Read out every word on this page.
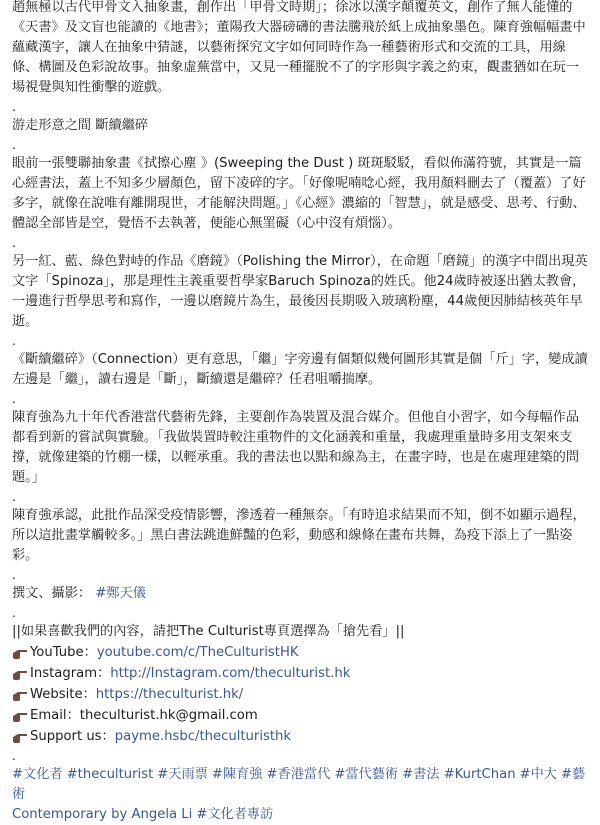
趙無極以古代甲骨文入抽象畫，創作出「甲骨文時期」；徐冰以漢字顛覆英文，創作了無人能懂的《天書》及文盲也能讀的《地書》；董陽孜大器磅礴的書法騰飛於紙上成抽象墨色。陳育強幅幅畫中蘊藏漢字，讓人在抽象中猜謎，以藝術探究文字如何同時作為一種藝術形式和交流的工具，用線條、構圖及色彩說故事。抽象虛蕪當中，又見一種擺脫不了的字形與字義之約束，觀畫猶如在玩一場視覺與知性衝擊的遊戲。

.

游走形意之間 斷續繼碎

.

眼前一張雙聯抽象畫《拭擦心塵 》(Sweeping the Dust ) 斑斑駁駁，看似佈滿符號，其實是一篇心經書法，蓋上不知多少層顏色，留下凌碎的字。「好像呢喃唸心經，我用顏料刪去了（覆蓋）了好多字，就像在說唯有離開現世，才能解決問題。」《心經》濃縮的「智慧」，就是感受、思考、行動、體認全部皆是空，覺悟不去執著，便能心無罣礙（心中沒有煩惱）。

.

另一紅、藍、綠色對峙的作品《磨鏡》（Polishing the Mirror），在命題「磨鏡」的漢字中間出現英文字「Spinoza」，那是理性主義重要哲學家Baruch Spinoza的姓氏。他24歲時被逐出猶太教會，一邊進行哲學思考和寫作，一邊以磨鏡片為生，最後因長期吸入玻璃粉塵，44歲便因肺結核英年早逝。

.

《斷續繼碎》（Connection）更有意思，「繼」字旁邊有個類似幾何圖形其實是個「斤」字，變成讀左邊是「繼」，讀右邊是「斷」，斷續還是繼碎？任君咀嚼揣摩。

.

陳育強為九十年代香港當代藝術先鋒，主要創作為裝置及混合媒介。但他自小習字，如今每幅作品都看到新的嘗試與實驗。「我做裝置時較注重物件的文化涵義和重量，我處理重量時多用支架來支撐，就像建築的竹棚一樣，以輕承重。我的書法也以點和線為主，在畫字時，也是在處理建築的問題。」

.

陳育強承認，此批作品深受疫情影響，滲透着一種無奈。「有時追求結果而不知，倒不如顯示過程，所以這批畫掌觸較多。」黑白書法跳進鮮豔的色彩，動感和線條在畫布共舞，為疫下添上了一點姿彩。

.

撰文、攝影： #鄭天儀

.

||如果喜歡我們的內容，請把The Culturist專頁選擇為「搶先看」||

YouTube： youtube.com/c/TheCulturistHK
Instagram： http://Instagram.com/theculturist.hk
Website： https://theculturist.hk/
Email： theculturist.hk@gmail.com
Support us： payme.hsbc/theculturisthk

.

#文化者 #theculturist #天雨票 #陳育強 #香港當代 #當代藝術 #書法 #KurtChan #中大 #藝術
Contemporary by Angela Li #文化者專訪
